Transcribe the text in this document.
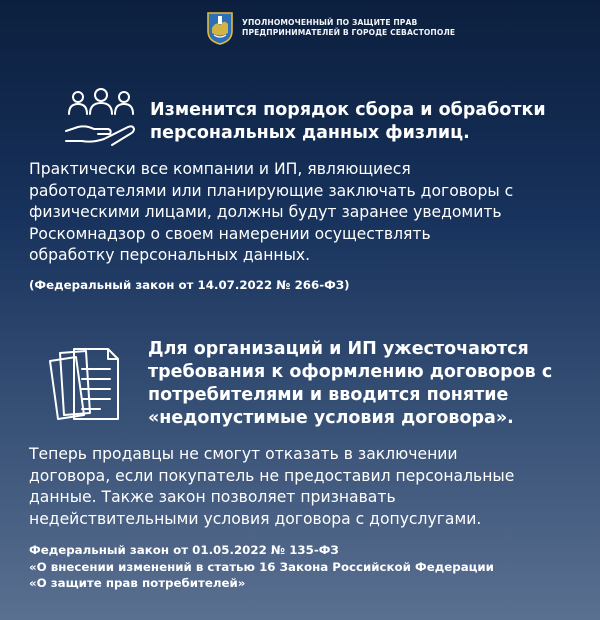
УПОЛНОМОЧЕННЫЙ ПО ЗАЩИТЕ ПРАВ
ПРЕДПРИНИМАТЕЛЕЙ В ГОРОДЕ СЕВАСТОПОЛЕ
Изменится порядок сбора и обработки
персональных данных физлиц.
Практически все компании и ИП, являющиеся
работодателями или планирующие заключать договоры с
физическими лицами, должны будут заранее уведомить
Роскомнадзор о своем намерении осуществлять
обработку персональных данных.
(Федеральный закон от 14.07.2022 № 266-ФЗ)
Для организаций и ИП ужесточаются
требования к оформлению договоров с
потребителями и вводится понятие
«недопустимые условия договора».
Теперь продавцы не смогут отказать в заключении
договора, если покупатель не предоставил персональные
данные. Также закон позволяет признавать
недействительными условия договора с допуслугами.
Федеральный закон от 01.05.2022 № 135-ФЗ
«О внесении изменений в статью 16 Закона Российской Федерации
«О защите прав потребителей»
